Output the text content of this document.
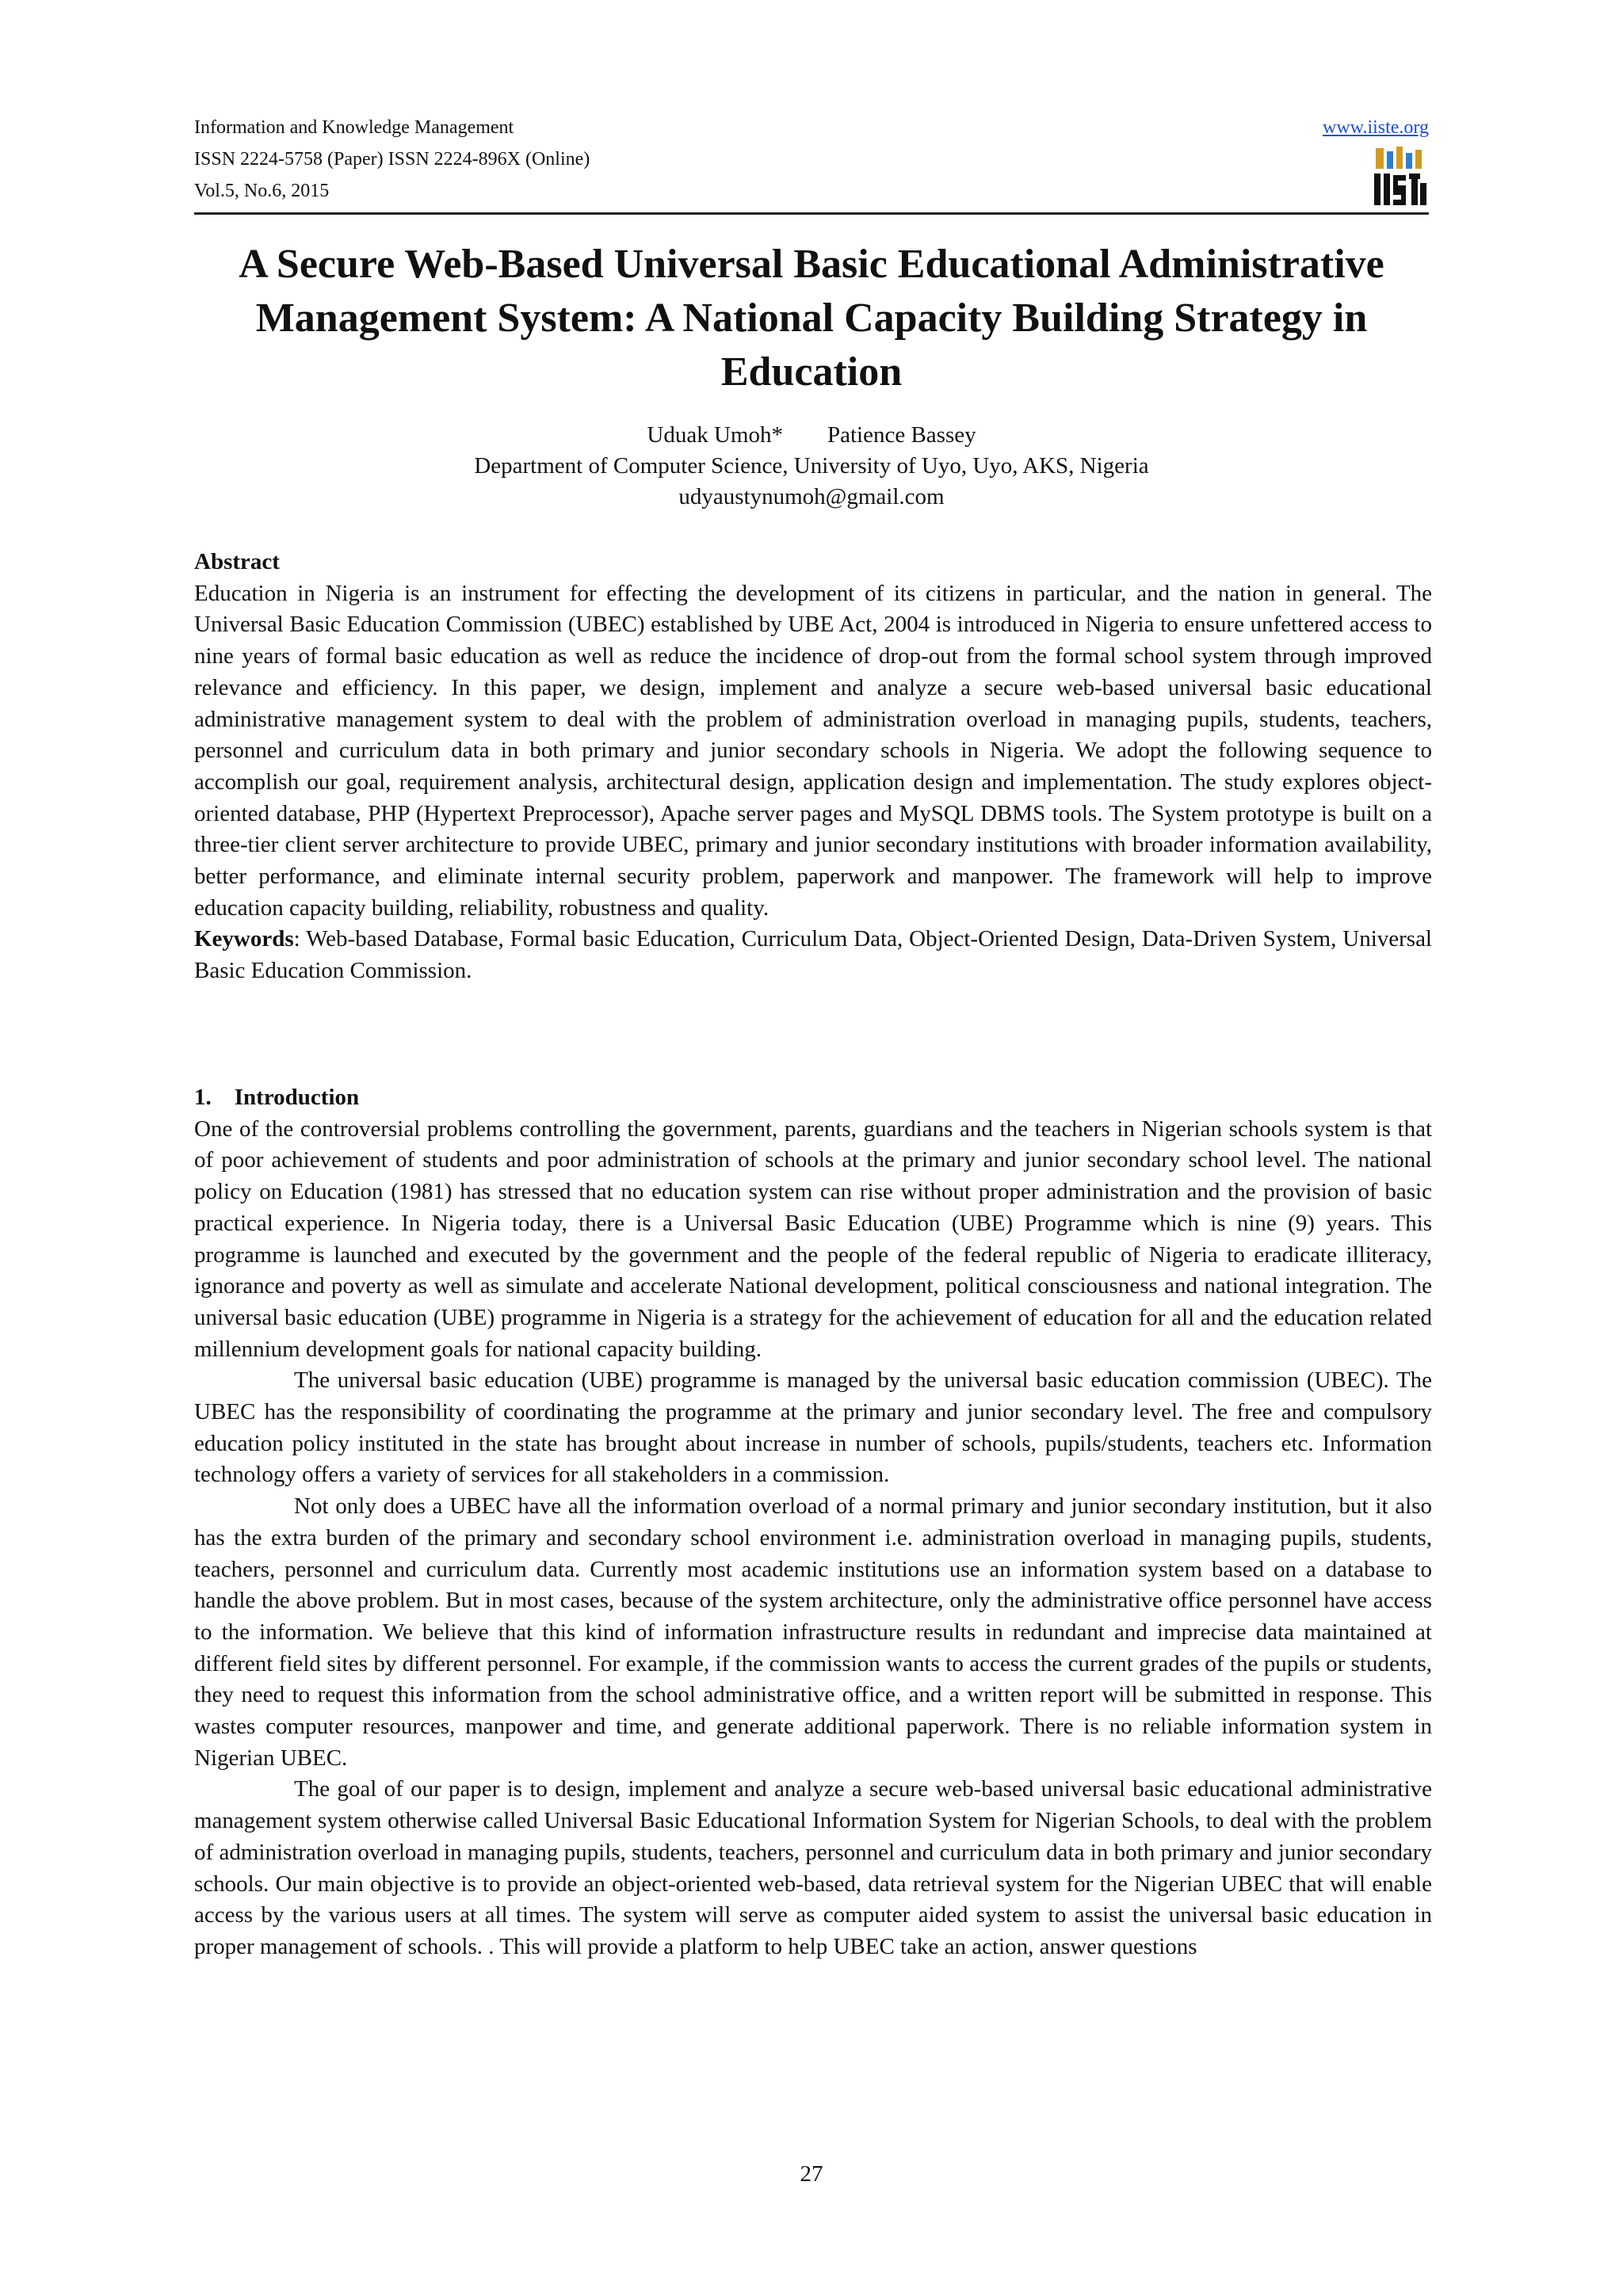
Information and Knowledge Management
ISSN 2224-5758 (Paper) ISSN 2224-896X (Online)
Vol.5, No.6, 2015
www.iiste.org
A Secure Web-Based Universal Basic Educational Administrative
Management System: A National Capacity Building Strategy in
Education
Uduak Umoh* Patience Bassey
Department of Computer Science, University of Uyo, Uyo, AKS, Nigeria
udyaustynumoh@gmail.com

Abstract

Education in Nigeria is an instrument for effecting the development of its citizens in particular, and the nation in general. The Universal Basic Education Commission (UBEC) established by UBE Act, 2004 is introduced in Nigeria to ensure unfettered access to nine years of formal basic education as well as reduce the incidence of drop-out from the formal school system through improved relevance and efficiency. In this paper, we design, implement and analyze a secure web-based universal basic educational administrative management system to deal with the problem of administration overload in managing pupils, students, teachers, personnel and curriculum data in both primary and junior secondary schools in Nigeria. We adopt the following sequence to accomplish our goal, requirement analysis, architectural design, application design and implementation. The study explores object-oriented database, PHP (Hypertext Preprocessor), Apache server pages and MySQL DBMS tools. The System prototype is built on a three-tier client server architecture to provide UBEC, primary and junior secondary institutions with broader information availability, better performance, and eliminate internal security problem, paperwork and manpower. The framework will help to improve education capacity building, reliability, robustness and quality.

Keywords: Web-based Database, Formal basic Education, Curriculum Data, Object-Oriented Design, Data-Driven System, Universal Basic Education Commission.

1.    Introduction

One of the controversial problems controlling the government, parents, guardians and the teachers in Nigerian schools system is that of poor achievement of students and poor administration of schools at the primary and junior secondary school level. The national policy on Education (1981) has stressed that no education system can rise without proper administration and the provision of basic practical experience. In Nigeria today, there is a Universal Basic Education (UBE) Programme which is nine (9) years. This programme is launched and executed by the government and the people of the federal republic of Nigeria to eradicate illiteracy, ignorance and poverty as well as simulate and accelerate National development, political consciousness and national integration. The universal basic education (UBE) programme in Nigeria is a strategy for the achievement of education for all and the education related millennium development goals for national capacity building.

The universal basic education (UBE) programme is managed by the universal basic education commission (UBEC). The UBEC has the responsibility of coordinating the programme at the primary and junior secondary level. The free and compulsory education policy instituted in the state has brought about increase in number of schools, pupils/students, teachers etc. Information technology offers a variety of services for all stakeholders in a commission.

Not only does a UBEC have all the information overload of a normal primary and junior secondary institution, but it also has the extra burden of the primary and secondary school environment i.e. administration overload in managing pupils, students, teachers, personnel and curriculum data. Currently most academic institutions use an information system based on a database to handle the above problem. But in most cases, because of the system architecture, only the administrative office personnel have access to the information. We believe that this kind of information infrastructure results in redundant and imprecise data maintained at different field sites by different personnel. For example, if the commission wants to access the current grades of the pupils or students, they need to request this information from the school administrative office, and a written report will be submitted in response. This wastes computer resources, manpower and time, and generate additional paperwork. There is no reliable information system in Nigerian UBEC.

The goal of our paper is to design, implement and analyze a secure web-based universal basic educational administrative management system otherwise called Universal Basic Educational Information System for Nigerian Schools, to deal with the problem of administration overload in managing pupils, students, teachers, personnel and curriculum data in both primary and junior secondary schools. Our main objective is to provide an object-oriented web-based, data retrieval system for the Nigerian UBEC that will enable access by the various users at all times. The system will serve as computer aided system to assist the universal basic education in proper management of schools. . This will provide a platform to help UBEC take an action, answer questions

27
